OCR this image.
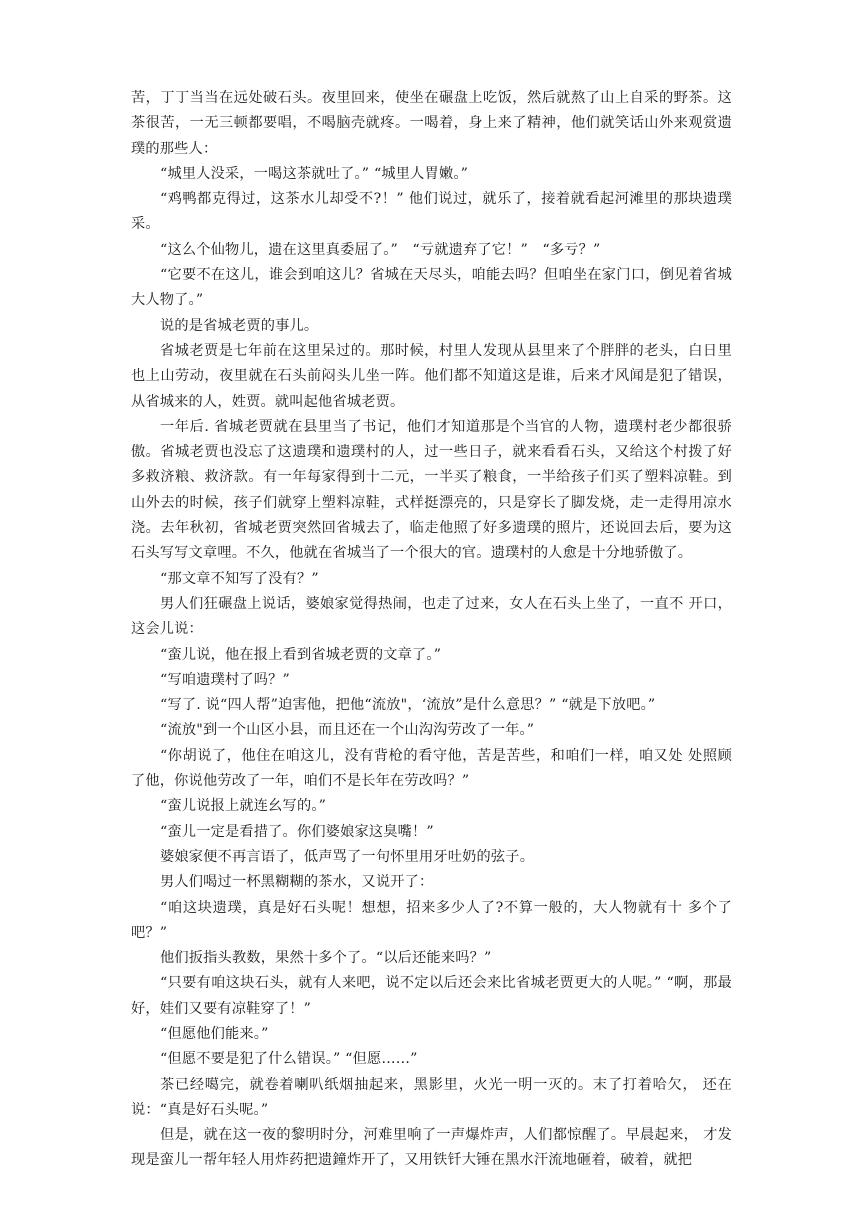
苦，丁丁当当在远处破石头。夜里回来，使坐在碾盘上吃饭，然后就熬了山上自采的野茶。这茶很苦，一无三顿都要唱，不喝脑壳就疼。一喝着，身上来了精神，他们就笑话山外来观赏遗璞的那些人：

“城里人没采，一喝这茶就吐了。” “城里人胃嫩。”

“鸡鸭都克得过，这茶水儿却受不?！” 他们说过，就乐了，接着就看起河滩里的那块遗璞采。

“这么个仙物儿，遗在这里真委屈了。”　“亏就遗弃了它！”　“多亏？”

“它要不在这儿，谁会到咱这儿？省城在天尽头，咱能去吗？但咱坐在家门口，倒见着省城大人物了。”

说的是省城老贾的事儿。

省城老贾是七年前在这里呆过的。那时候，村里人发现从县里来了个胖胖的老头，白日里也上山劳动，夜里就在石头前闷头儿坐一阵。他们都不知道这是谁，后来才风闻是犯了错误，从省城来的人，姓贾。就叫起他省城老贾。

一年后. 省城老贾就在县里当了书记，他们才知道那是个当官的人物，遗璞村老少都很骄傲。省城老贾也没忘了这遗璞和遗璞村的人，过一些日子，就来看看石头，又给这个村拨了好多救济粮、救济款。有一年每家得到十二元，一半买了粮食，一半给孩子们买了塑料凉鞋。到山外去的时候，孩子们就穿上塑料凉鞋，式样挺漂亮的，只是穿长了脚发烧，走一走得用凉水浇。去年秋初，省城老贾突然回省城去了，临走他照了好多遗璞的照片，还说回去后，要为这石头写写文章哩。不久，他就在省城当了一个很大的官。遗璞村的人愈是十分地骄傲了。

“那文章不知写了没有？”

男人们狂碾盘上说话，婆娘家觉得热闹，也走了过来，女人在石头上坐了，一直不 开口，这会儿说：

“蛮儿说，他在报上看到省城老贾的文章了。”

“写咱遗璞村了吗？”

“写了. 说“四人帮”迫害他，把他“流放"，‘流放”是什么意思？” “就是下放吧。”

“流放"到一个山区小县，而且还在一个山沟沟劳改了一年。”

“你胡说了，他住在咱这儿，没有背枪的看守他，苦是苦些，和咱们一样，咱又处 处照顾了他，你说他劳改了一年，咱们不是长年在劳改吗？”

“蛮儿说报上就连幺写的。”

“蛮儿一定是看措了。你们婆娘家这臭嘴！”

婆娘家便不再言语了，低声骂了一句怀里用牙吐奶的弦子。

男人们喝过一杯黑糊糊的茶水，又说开了：

“咱这块遗璞，真是好石头呢！想想，招来多少人了?不算一般的，大人物就有十 多个了吧？”

他们扳指头教数，果然十多个了。“以后还能来吗？”

“只要有咱这块石头，就有人来吧，说不定以后还会来比省城老贾更大的人呢。” “啊，那最好，娃们又要有凉鞋穿了！”

“但愿他们能来。”

“但愿不要是犯了什么错误。” “但愿……”

茶已经噶完，就卷着喇叭纸烟抽起来，黑影里，火光一明一灭的。末了打着哈欠， 还在说：“真是好石头呢。”

但是，就在这一夜的黎明时分，河难里响了一声爆炸声，人们都惊醒了。早晨起来， 才发现是蛮儿一帮年轻人用炸药把遗鐘炸开了，又用铁钎大锤在黑水汗流地砸着，破着，就把
